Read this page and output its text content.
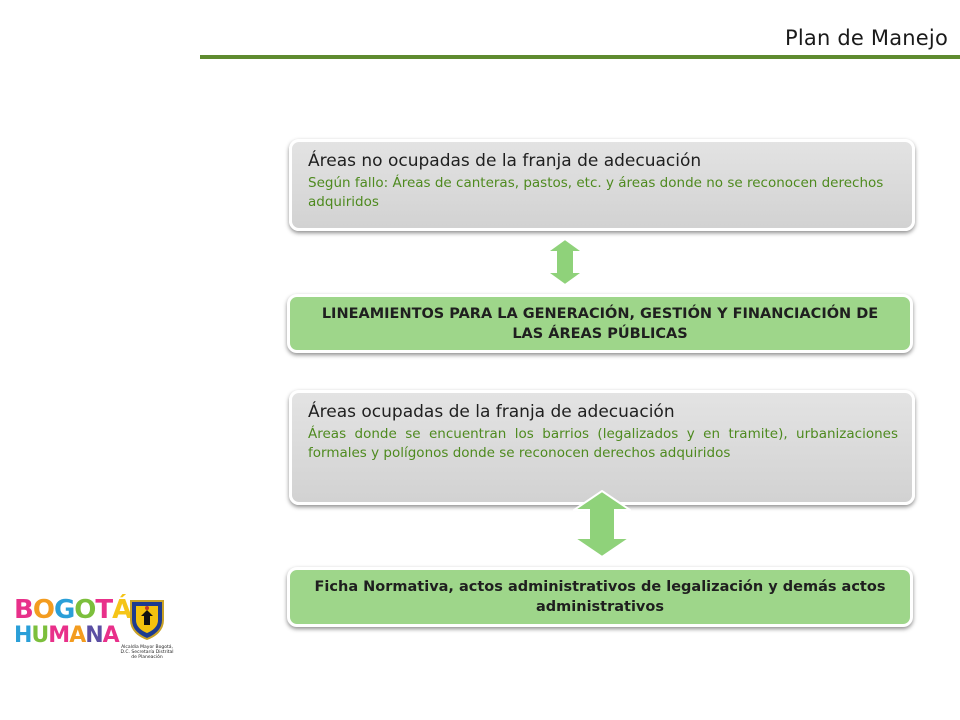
Plan de Manejo
Áreas no ocupadas de la franja de adecuación
Según fallo: Áreas de canteras, pastos, etc. y áreas donde no se reconocen derechos adquiridos
LINEAMIENTOS PARA LA GENERACIÓN, GESTIÓN Y FINANCIACIÓN DE LAS ÁREAS PÚBLICAS
Áreas ocupadas de la franja de adecuación
Áreas donde se encuentran los barrios (legalizados y en tramite), urbanizaciones formales y polígonos donde se reconocen derechos adquiridos
Ficha Normativa, actos administrativos de legalización y demás actos administrativos
BOGOTÁ
HUMANA Alcaldía Mayor Bogotá, D.C. Secretaría Distrital de Planeación
